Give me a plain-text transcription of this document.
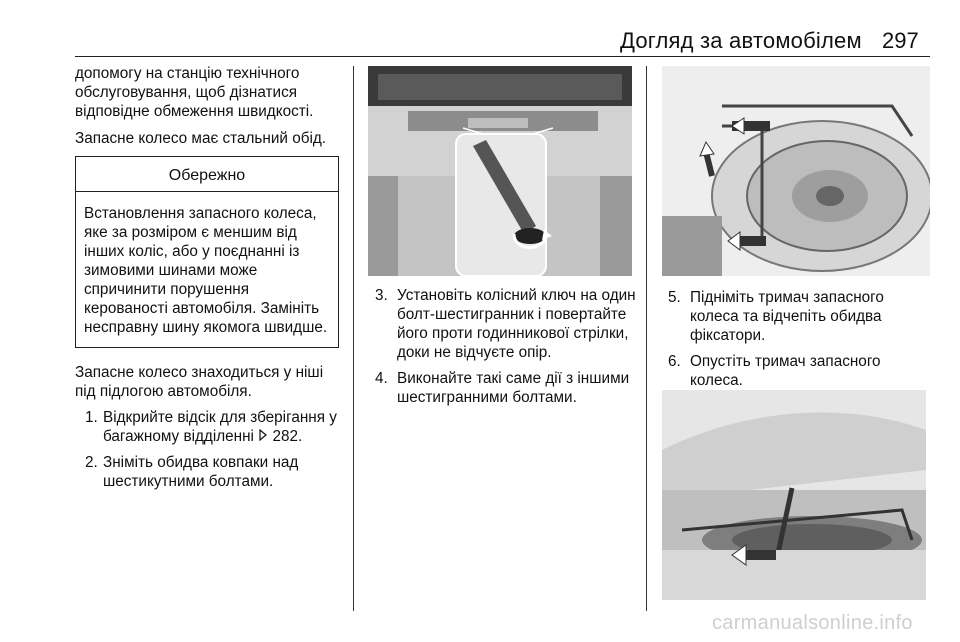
Догляд за автомобілем 297

допомогу на станцію технічного обслуговування, щоб дізнатися відповідне обмеження швидкості.

Запасне колесо має стальний обід.

Обережно
Встановлення запасного колеса, яке за розміром є меншим від інших коліс, або у поєднанні із зимовими шинами може спричинити порушення керованості автомобіля. Замініть несправну шину якомога швидше.

Запасне колесо знаходиться у ніші під підлогою автомобіля.

1. Відкрийте відсік для зберігання у багажному відділенні 282.
2. Зніміть обидва ковпаки над шестикутними болтами.
3. Установіть колісний ключ на один болт-шестигранник і повертайте його проти годинникової стрілки, доки не відчуєте опір.
4. Виконайте такі саме дії з іншими шестигранними болтами.
5. Підніміть тримач запасного колеса та відчепіть обидва фіксатори.
6. Опустіть тримач запасного колеса.
carmanualsonline.info
